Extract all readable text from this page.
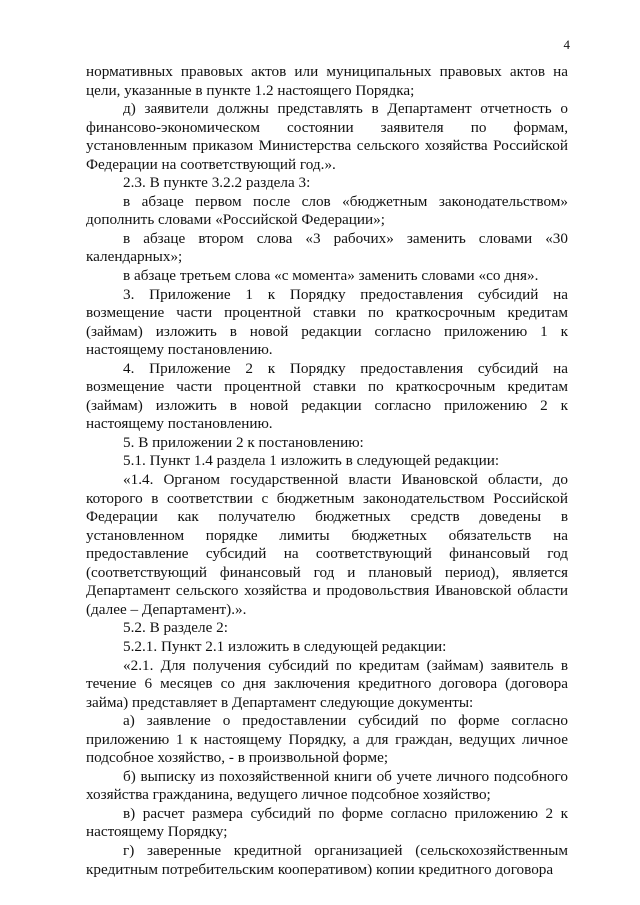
4

нормативных правовых актов или муниципальных правовых актов на цели, указанные в пункте 1.2 настоящего Порядка;

д) заявители должны представлять в Департамент отчетность о финансово-экономическом состоянии заявителя по формам, установленным приказом Министерства сельского хозяйства Российской Федерации на соответствующий год.».

2.3. В пункте 3.2.2 раздела 3:

в абзаце первом после слов «бюджетным законодательством» дополнить словами «Российской Федерации»;

в абзаце втором слова «3 рабочих» заменить словами «30 календарных»;

в абзаце третьем слова «с момента» заменить словами «со дня».

3. Приложение 1 к Порядку предоставления субсидий на возмещение части процентной ставки по краткосрочным кредитам (займам) изложить в новой редакции согласно приложению 1 к настоящему постановлению.

4. Приложение 2 к Порядку предоставления субсидий на возмещение части процентной ставки по краткосрочным кредитам (займам) изложить в новой редакции согласно приложению 2 к настоящему постановлению.

5. В приложении 2 к постановлению:

5.1. Пункт 1.4 раздела 1 изложить в следующей редакции:

«1.4. Органом государственной власти Ивановской области, до которого в соответствии с бюджетным законодательством Российской Федерации как получателю бюджетных средств доведены в установленном порядке лимиты бюджетных обязательств на предоставление субсидий на соответствующий финансовый год (соответствующий финансовый год и плановый период), является Департамент сельского хозяйства и продовольствия Ивановской области (далее – Департамент).».

5.2. В разделе 2:

5.2.1. Пункт 2.1 изложить в следующей редакции:

«2.1. Для получения субсидий по кредитам (займам) заявитель в течение 6 месяцев со дня заключения кредитного договора (договора займа) представляет в Департамент следующие документы:

а) заявление о предоставлении субсидий по форме согласно приложению 1 к настоящему Порядку, а для граждан, ведущих личное подсобное хозяйство, - в произвольной форме;

б) выписку из похозяйственной книги об учете личного подсобного хозяйства гражданина, ведущего личное подсобное хозяйство;

в) расчет размера субсидий по форме согласно приложению 2 к настоящему Порядку;

г) заверенные кредитной организацией (сельскохозяйственным кредитным потребительским кооперативом) копии кредитного договора
